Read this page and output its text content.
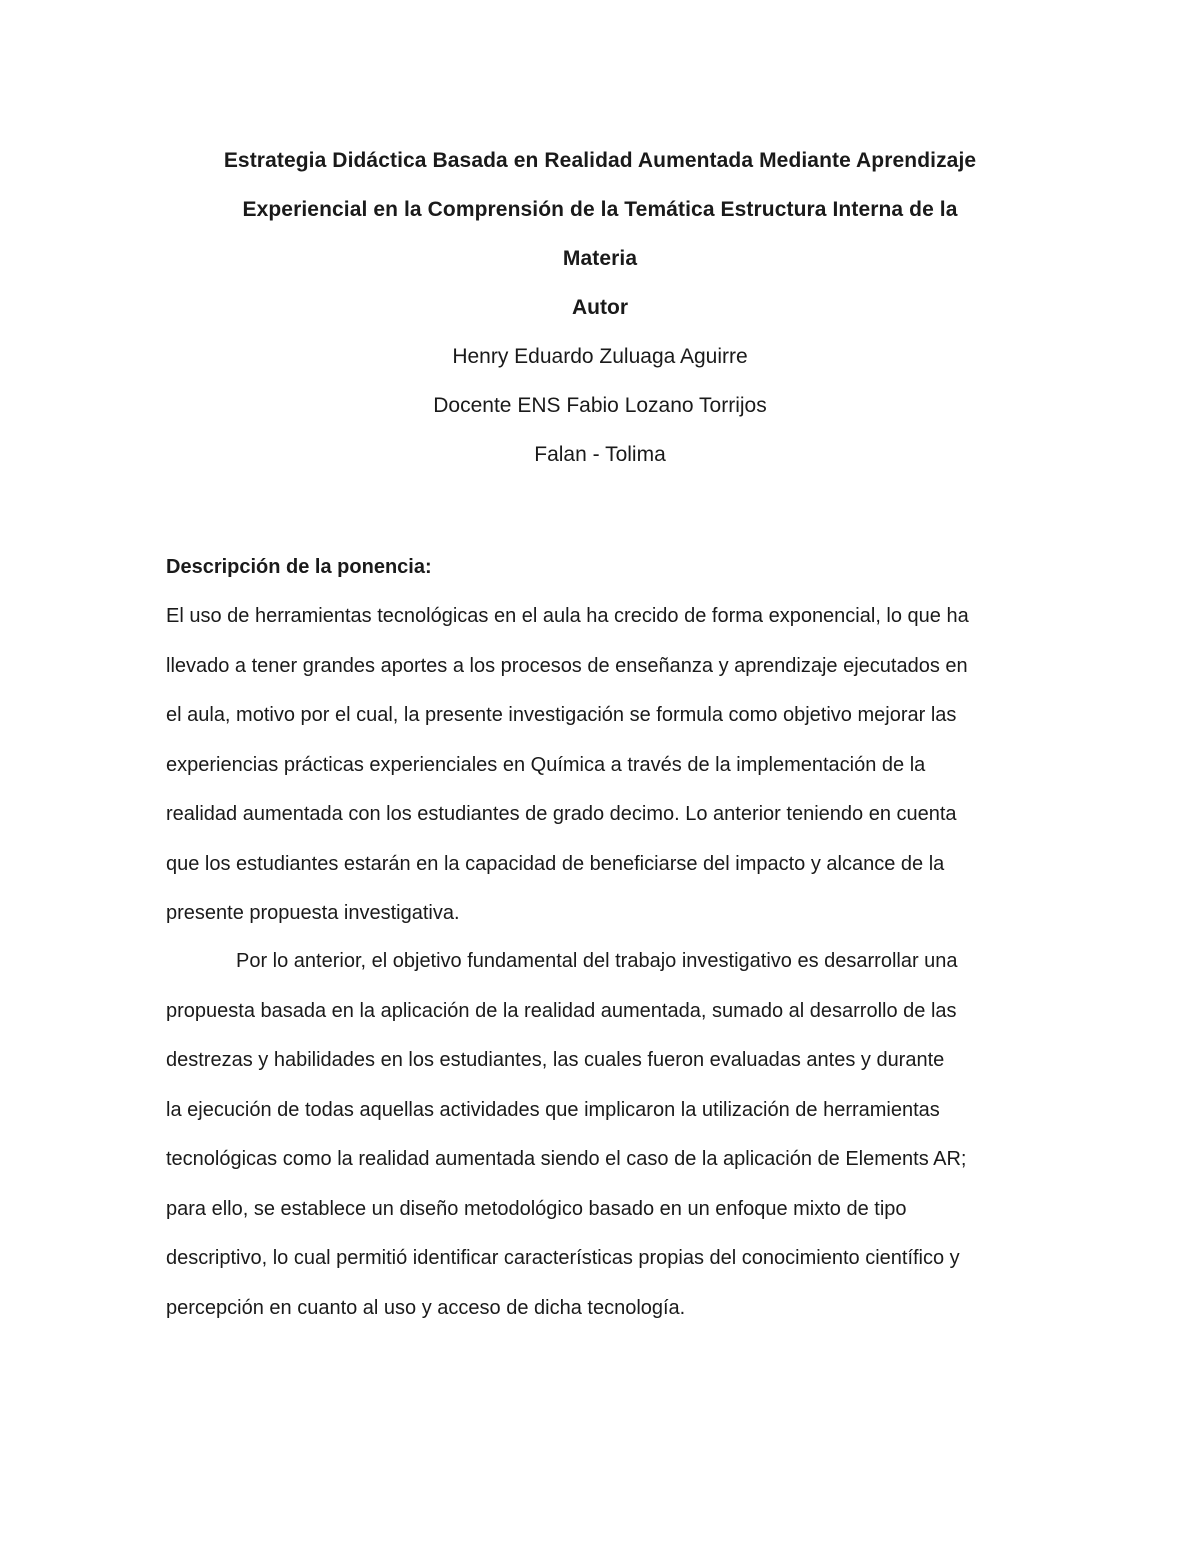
Estrategia Didáctica Basada en Realidad Aumentada Mediante Aprendizaje
Experiencial en la Comprensión de la Temática Estructura Interna de la
Materia
Autor
Henry Eduardo Zuluaga Aguirre
Docente ENS Fabio Lozano Torrijos
Falan - Tolima
Descripción de la ponencia:
El uso de herramientas tecnológicas en el aula ha crecido de forma exponencial, lo que ha
llevado a tener grandes aportes a los procesos de enseñanza y aprendizaje ejecutados en
el aula, motivo por el cual, la presente investigación se formula como objetivo mejorar las
experiencias prácticas experienciales en Química a través de la implementación de la
realidad aumentada con los estudiantes de grado decimo. Lo anterior teniendo en cuenta
que los estudiantes estarán en la capacidad de beneficiarse del impacto y alcance de la
presente propuesta investigativa.
Por lo anterior, el objetivo fundamental del trabajo investigativo es desarrollar una
propuesta basada en la aplicación de la realidad aumentada, sumado al desarrollo de las
destrezas y habilidades en los estudiantes, las cuales fueron evaluadas antes y durante
la ejecución de todas aquellas actividades que implicaron la utilización de herramientas
tecnológicas como la realidad aumentada siendo el caso de la aplicación de Elements AR;
para ello, se establece un diseño metodológico basado en un enfoque mixto de tipo
descriptivo, lo cual permitió identificar características propias del conocimiento científico y
percepción en cuanto al uso y acceso de dicha tecnología.
